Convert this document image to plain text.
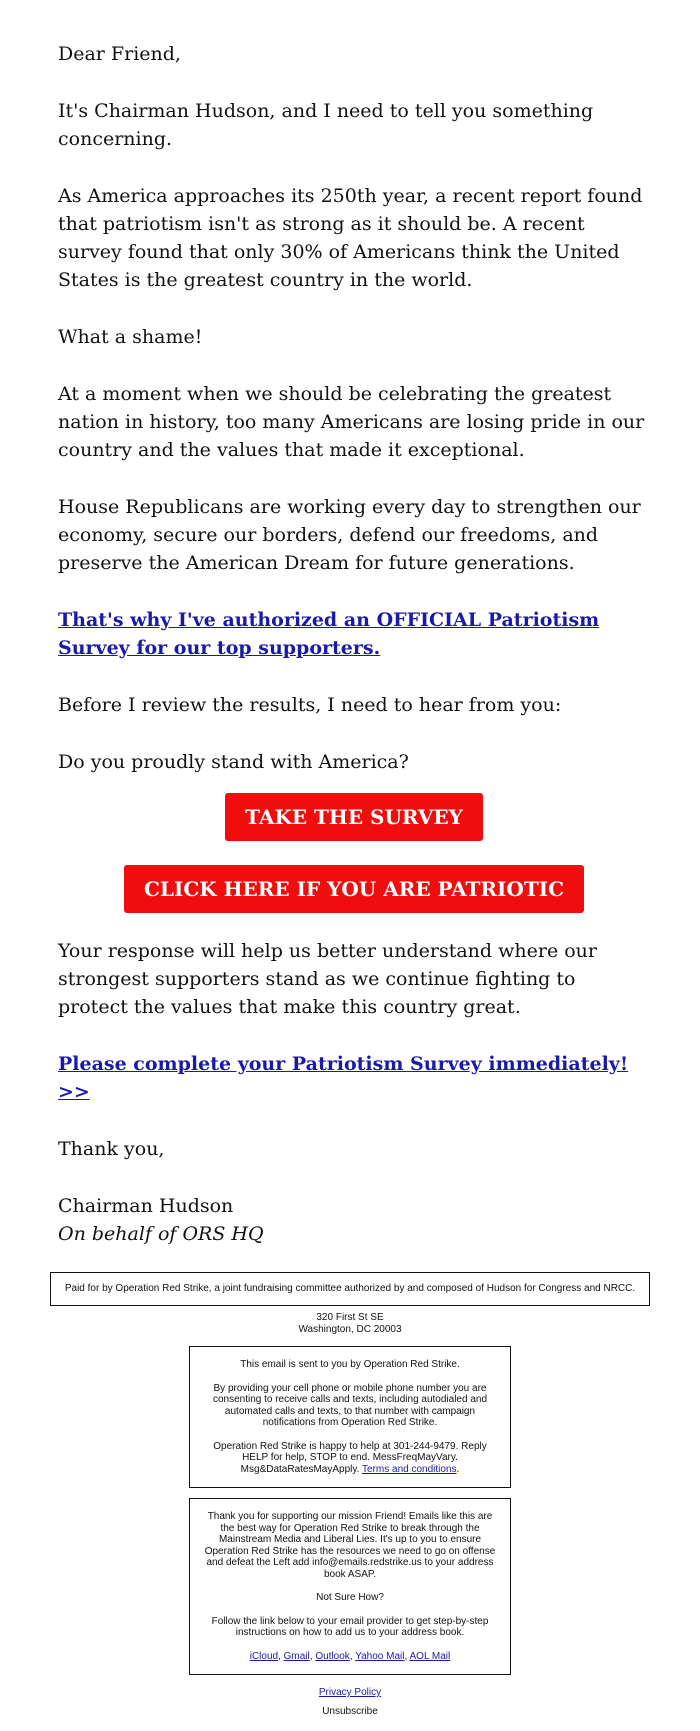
Dear Friend,

It's Chairman Hudson, and I need to tell you something concerning.

As America approaches its 250th year, a recent report found that patriotism isn't as strong as it should be. A recent survey found that only 30% of Americans think the United States is the greatest country in the world.

What a shame!

At a moment when we should be celebrating the greatest nation in history, too many Americans are losing pride in our country and the values that made it exceptional.

House Republicans are working every day to strengthen our economy, secure our borders, defend our freedoms, and preserve the American Dream for future generations.

That's why I've authorized an OFFICIAL Patriotism Survey for our top supporters.

Before I review the results, I need to hear from you:

Do you proudly stand with America?

TAKE THE SURVEY
CLICK HERE IF YOU ARE PATRIOTIC

Your response will help us better understand where our strongest supporters stand as we continue fighting to protect the values that make this country great.

Please complete your Patriotism Survey immediately! >>

Thank you,

Chairman Hudson

On behalf of ORS HQ

Paid for by Operation Red Strike, a joint fundraising committee authorized by and composed of Hudson for Congress and NRCC.
320 First St SE
Washington, DC 20003

This email is sent to you by Operation Red Strike.

By providing your cell phone or mobile phone number you are consenting to receive calls and texts, including autodialed and automated calls and texts, to that number with campaign notifications from Operation Red Strike.

Operation Red Strike is happy to help at 301-244-9479. Reply HELP for help, STOP to end. MessFreqMayVary. Msg&DataRatesMayApply. Terms and conditions.

Thank you for supporting our mission Friend! Emails like this are the best way for Operation Red Strike to break through the Mainstream Media and Liberal Lies. It's up to you to ensure Operation Red Strike has the resources we need to go on offense and defeat the Left add info@emails.redstrike.us to your address book ASAP.

Not Sure How?

Follow the link below to your email provider to get step-by-step instructions on how to add us to your address book.

iCloud, Gmail, Outlook, Yahoo Mail, AOL Mail

Privacy Policy
Unsubscribe
